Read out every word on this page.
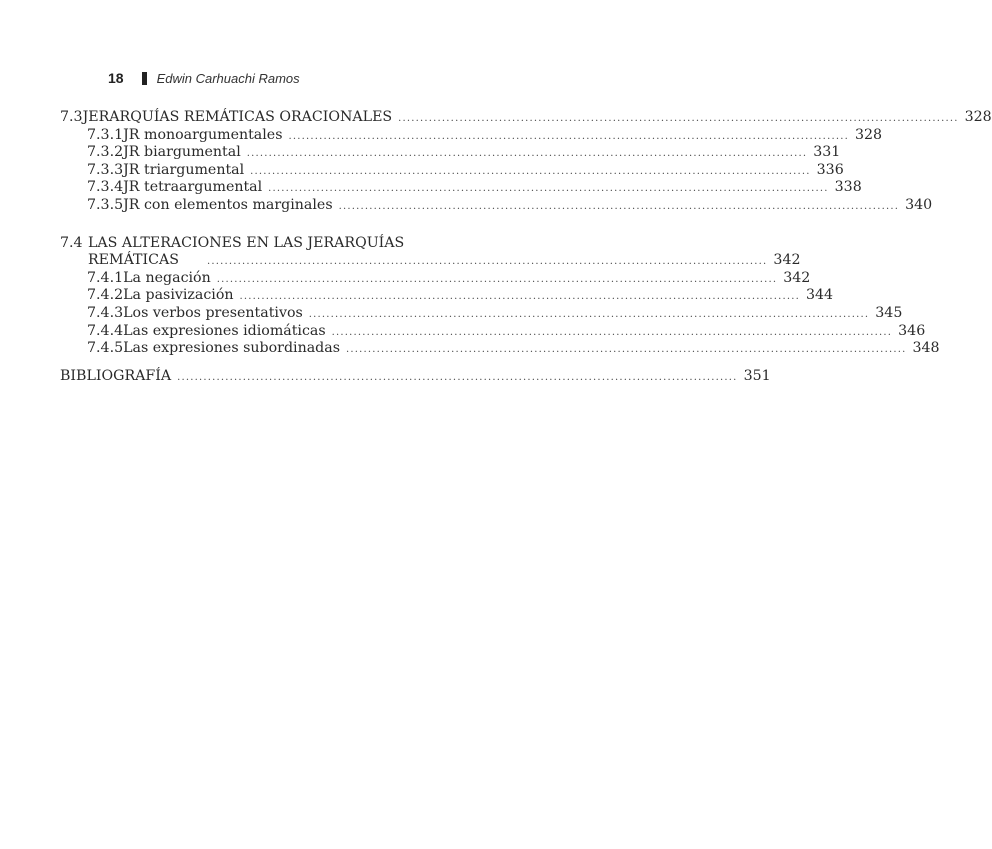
18	Edwin Carhuachi Ramos
7.3 JERARQUÍAS REMÁTICAS ORACIONALES ................................................................................................................................ 328
7.3.1 JR monoargumentales ................................................................................................................................ 328
7.3.2 JR biargumental ................................................................................................................................ 331
7.3.3 JR triargumental ................................................................................................................................ 336
7.3.4 JR tetraargumental ................................................................................................................................ 338
7.3.5 JR con elementos marginales ................................................................................................................................ 340
7.4 LAS ALTERACIONES EN LAS JERARQUÍAS
REMÁTICAS	................................................................................................................................ 342
7.4.1 La negación ................................................................................................................................ 342
7.4.2 La pasivización ................................................................................................................................ 344
7.4.3 Los verbos presentativos ................................................................................................................................ 345
7.4.4 Las expresiones idiomáticas ................................................................................................................................ 346
7.4.5 Las expresiones subordinadas ................................................................................................................................ 348
BIBLIOGRAFÍA ................................................................................................................................ 351
